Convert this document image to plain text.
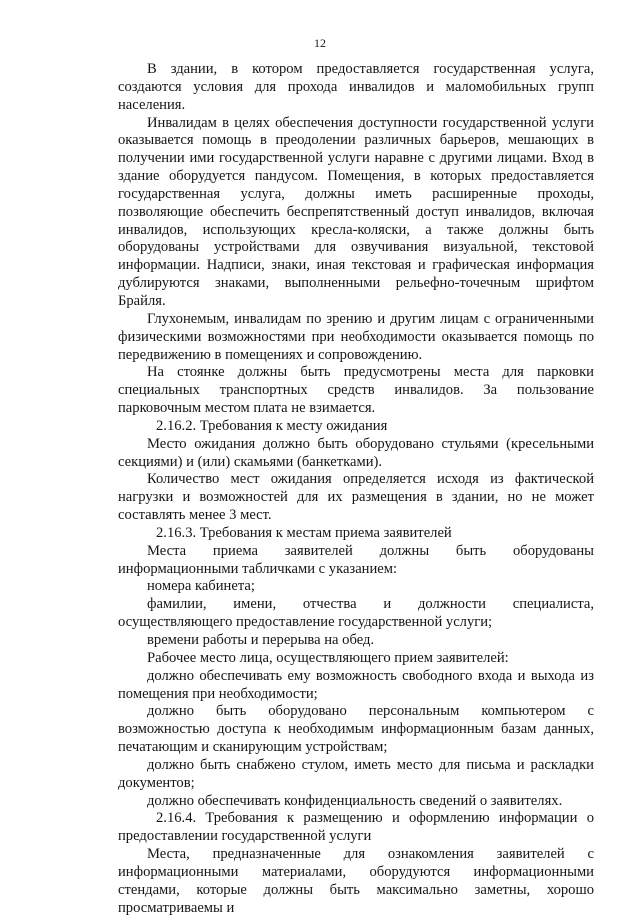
12

В здании, в котором предоставляется государственная услуга, создаются условия для прохода инвалидов и маломобильных групп населения.

Инвалидам в целях обеспечения доступности государственной услуги оказывается помощь в преодолении различных барьеров, мешающих в получении ими государственной услуги наравне с другими лицами. Вход в здание оборудуется пандусом. Помещения, в которых предоставляется государственная услуга, должны иметь расширенные проходы, позволяющие обеспечить беспрепятственный доступ инвалидов, включая инвалидов, использующих кресла-коляски, а также должны быть оборудованы устройствами для озвучивания визуальной, текстовой информации. Надписи, знаки, иная текстовая и графическая информация дублируются знаками, выполненными рельефно-точечным шрифтом Брайля.

Глухонемым, инвалидам по зрению и другим лицам с ограниченными физическими возможностями при необходимости оказывается помощь по передвижению в помещениях и сопровождению.

На стоянке должны быть предусмотрены места для парковки специальных транспортных средств инвалидов. За пользование парковочным местом плата не взимается.

2.16.2. Требования к месту ожидания

Место ожидания должно быть оборудовано стульями (кресельными секциями) и (или) скамьями (банкетками).

Количество мест ожидания определяется исходя из фактической нагрузки и возможностей для их размещения в здании, но не может составлять менее 3 мест.

2.16.3. Требования к местам приема заявителей

Места приема заявителей должны быть оборудованы информационными табличками с указанием:

номера кабинета;

фамилии, имени, отчества и должности специалиста, осуществляющего предоставление государственной услуги;

времени работы и перерыва на обед.

Рабочее место лица, осуществляющего прием заявителей:

должно обеспечивать ему возможность свободного входа и выхода из помещения при необходимости;

должно быть оборудовано персональным компьютером с возможностью доступа к необходимым информационным базам данных, печатающим и сканирующим устройствам;

должно быть снабжено стулом, иметь место для письма и раскладки документов;

должно обеспечивать конфиденциальность сведений о заявителях.

2.16.4. Требования к размещению и оформлению информации о предоставлении государственной услуги

Места, предназначенные для ознакомления заявителей с информационными материалами, оборудуются информационными стендами, которые должны быть максимально заметны, хорошо просматриваемы и
